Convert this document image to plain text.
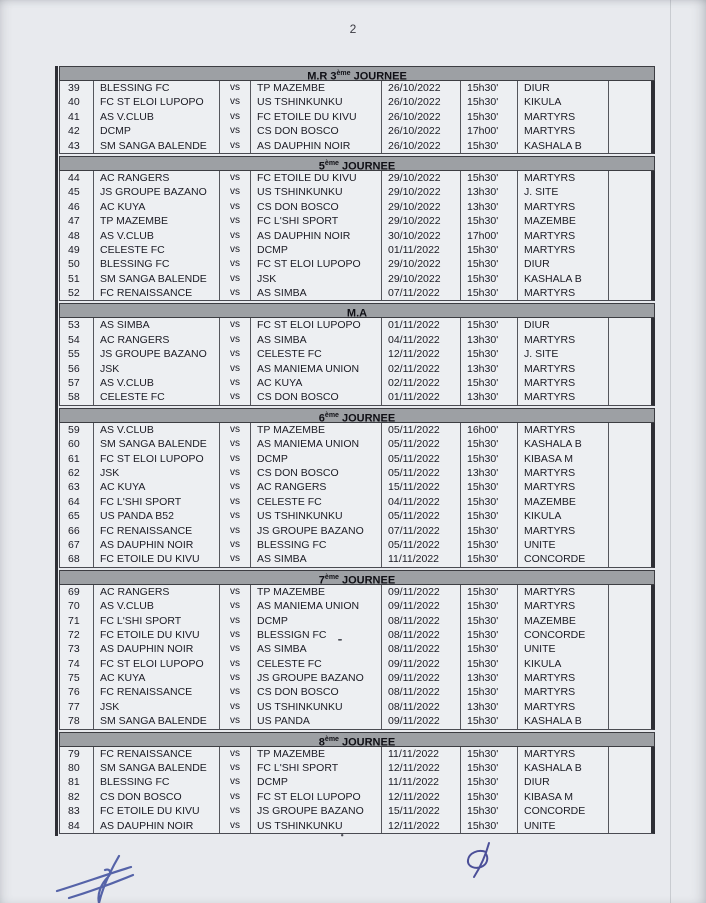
2
M.R 3ème JOURNEE
39	BLESSING FC	vs	TP MAZEMBE	26/10/2022	15h30'	DIUR
40	FC ST ELOI LUPOPO	vs	US TSHINKUNKU	26/10/2022	15h30'	KIKULA
41	AS V.CLUB	vs	FC ETOILE DU KIVU	26/10/2022	15h30'	MARTYRS
42	DCMP	vs	CS DON BOSCO	26/10/2022	17h00'	MARTYRS
43	SM SANGA BALENDE	vs	AS DAUPHIN NOIR	26/10/2022	15h30'	KASHALA B
5ème JOURNEE
44	AC RANGERS	vs	FC ETOILE DU KIVU	29/10/2022	15h30'	MARTYRS
45	JS GROUPE BAZANO	vs	US TSHINKUNKU	29/10/2022	13h30'	J. SITE
46	AC KUYA	vs	CS DON BOSCO	29/10/2022	13h30'	MARTYRS
47	TP MAZEMBE	vs	FC L'SHI SPORT	29/10/2022	15h30'	MAZEMBE
48	AS V.CLUB	vs	AS DAUPHIN NOIR	30/10/2022	17h00'	MARTYRS
49	CELESTE FC	vs	DCMP	01/11/2022	15h30'	MARTYRS
50	BLESSING FC	vs	FC ST ELOI LUPOPO	29/10/2022	15h30'	DIUR
51	SM SANGA BALENDE	vs	JSK	29/10/2022	15h30'	KASHALA B
52	FC RENAISSANCE	vs	AS SIMBA	07/11/2022	15h30'	MARTYRS
M.A
53	AS SIMBA	vs	FC ST ELOI LUPOPO	01/11/2022	15h30'	DIUR
54	AC RANGERS	vs	AS SIMBA	04/11/2022	13h30'	MARTYRS
55	JS GROUPE BAZANO	vs	CELESTE FC	12/11/2022	15h30'	J. SITE
56	JSK	vs	AS MANIEMA UNION	02/11/2022	13h30'	MARTYRS
57	AS V.CLUB	vs	AC KUYA	02/11/2022	15h30'	MARTYRS
58	CELESTE FC	vs	CS DON BOSCO	01/11/2022	13h30'	MARTYRS
6ème JOURNEE
59	AS V.CLUB	vs	TP MAZEMBE	05/11/2022	16h00'	MARTYRS
60	SM SANGA BALENDE	vs	AS MANIEMA UNION	05/11/2022	15h30'	KASHALA B
61	FC ST ELOI LUPOPO	vs	DCMP	05/11/2022	15h30'	KIBASA M
62	JSK	vs	CS DON BOSCO	05/11/2022	13h30'	MARTYRS
63	AC KUYA	vs	AC RANGERS	15/11/2022	15h30'	MARTYRS
64	FC L'SHI SPORT	vs	CELESTE FC	04/11/2022	15h30'	MAZEMBE
65	US PANDA B52	vs	US TSHINKUNKU	05/11/2022	15h30'	KIKULA
66	FC RENAISSANCE	vs	JS GROUPE BAZANO	07/11/2022	15h30'	MARTYRS
67	AS DAUPHIN NOIR	vs	BLESSING FC	05/11/2022	15h30'	UNITE
68	FC ETOILE DU KIVU	vs	AS SIMBA	11/11/2022	15h30'	CONCORDE
7ème JOURNEE
69	AC RANGERS	vs	TP MAZEMBE	09/11/2022	15h30'	MARTYRS
70	AS V.CLUB	vs	AS MANIEMA UNION	09/11/2022	15h30'	MARTYRS
71	FC L'SHI SPORT	vs	DCMP	08/11/2022	15h30'	MAZEMBE
72	FC ETOILE DU KIVU	vs	BLESSIGN FC	08/11/2022	15h30'	CONCORDE
73	AS DAUPHIN NOIR	vs	AS SIMBA	08/11/2022	15h30'	UNITE
74	FC ST ELOI LUPOPO	vs	CELESTE FC	09/11/2022	15h30'	KIKULA
75	AC KUYA	vs	JS GROUPE BAZANO	09/11/2022	13h30'	MARTYRS
76	FC RENAISSANCE	vs	CS DON BOSCO	08/11/2022	15h30'	MARTYRS
77	JSK	vs	US TSHINKUNKU	08/11/2022	13h30'	MARTYRS
78	SM SANGA BALENDE	vs	US PANDA	09/11/2022	15h30'	KASHALA B
8ème JOURNEE
79	FC RENAISSANCE	vs	TP MAZEMBE	11/11/2022	15h30'	MARTYRS
80	SM SANGA BALENDE	vs	FC L'SHI SPORT	12/11/2022	15h30'	KASHALA B
81	BLESSING FC	vs	DCMP	11/11/2022	15h30'	DIUR
82	CS DON BOSCO	vs	FC ST ELOI LUPOPO	12/11/2022	15h30'	KIBASA M
83	FC ETOILE DU KIVU	vs	JS GROUPE BAZANO	15/11/2022	15h30'	CONCORDE
84	AS DAUPHIN NOIR	vs	US TSHINKUNKU	12/11/2022	15h30'	UNITE
